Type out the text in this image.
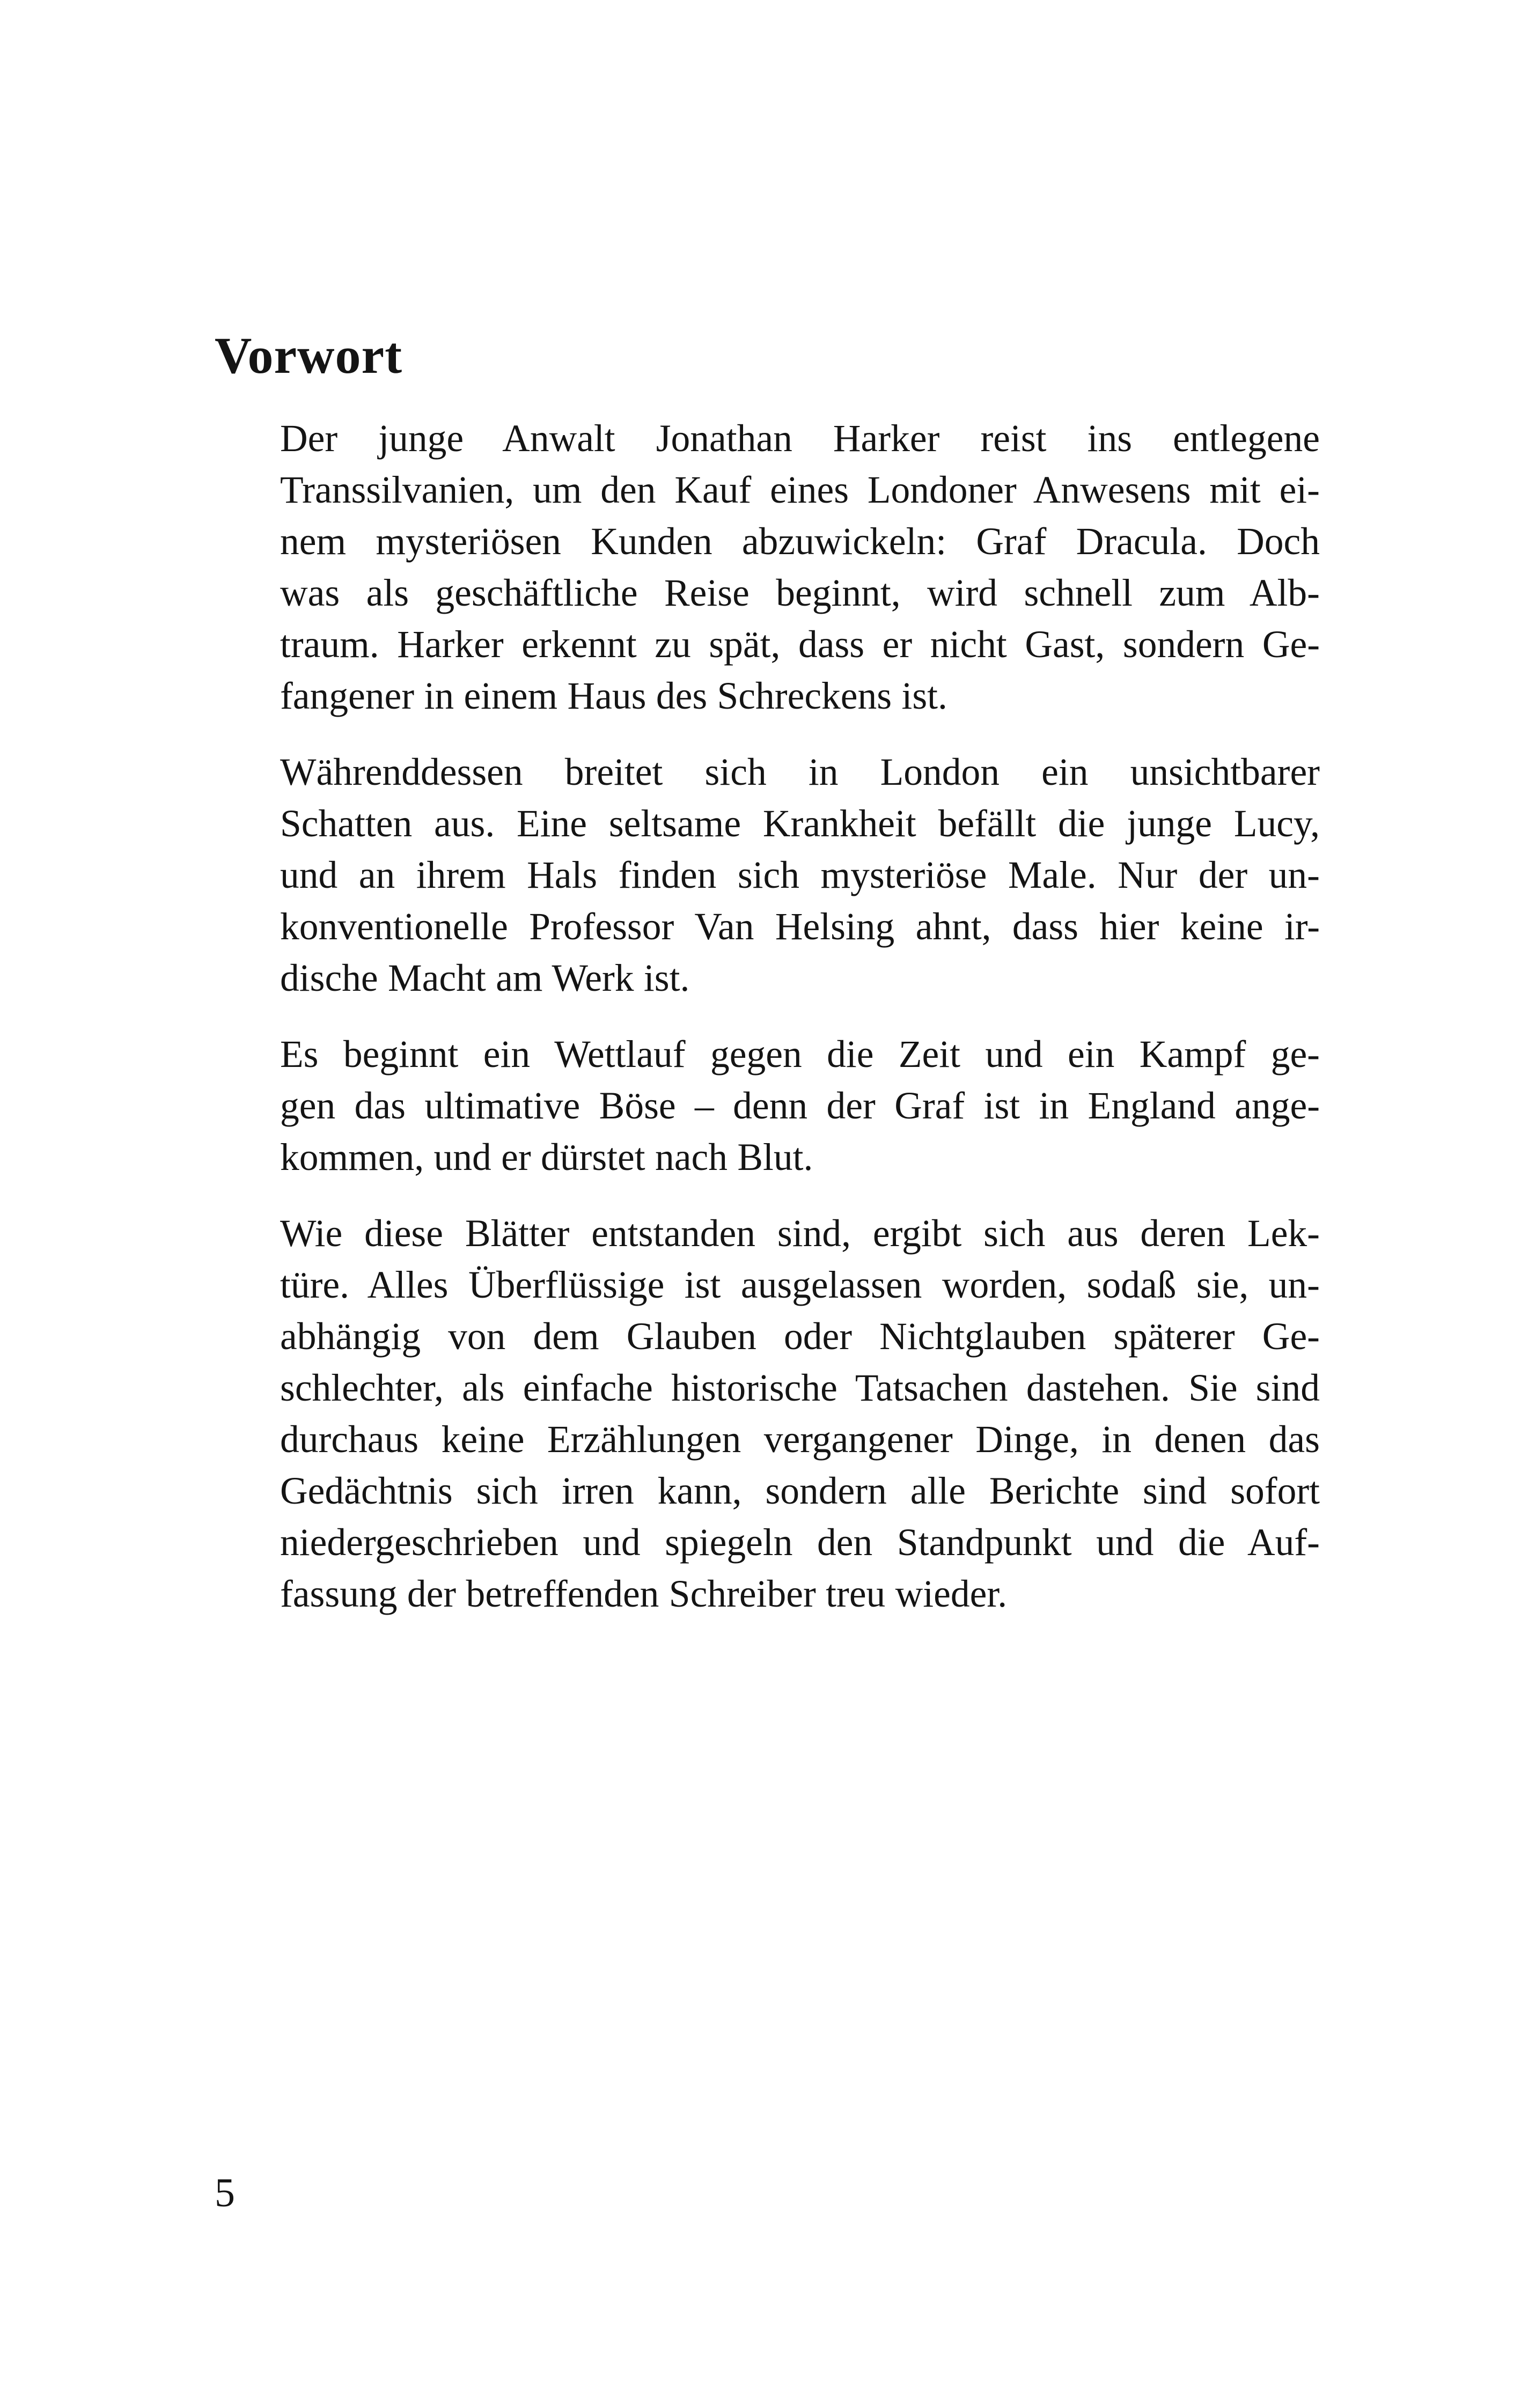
Vorwort

Der junge Anwalt Jonathan Harker reist ins entlegene
Transsilvanien, um den Kauf eines Londoner Anwesens mit ei-
nem mysteriösen Kunden abzuwickeln: Graf Dracula. Doch
was als geschäftliche Reise beginnt, wird schnell zum Alb-
traum. Harker erkennt zu spät, dass er nicht Gast, sondern Ge-
fangener in einem Haus des Schreckens ist.

Währenddessen breitet sich in London ein unsichtbarer
Schatten aus. Eine seltsame Krankheit befällt die junge Lucy,
und an ihrem Hals finden sich mysteriöse Male. Nur der un-
konventionelle Professor Van Helsing ahnt, dass hier keine ir-
dische Macht am Werk ist.

Es beginnt ein Wettlauf gegen die Zeit und ein Kampf ge-
gen das ultimative Böse – denn der Graf ist in England ange-
kommen, und er dürstet nach Blut.

Wie diese Blätter entstanden sind, ergibt sich aus deren Lek-
türe. Alles Überflüssige ist ausgelassen worden, sodaß sie, un-
abhängig von dem Glauben oder Nichtglauben späterer Ge-
schlechter, als einfache historische Tatsachen dastehen. Sie sind
durchaus keine Erzählungen vergangener Dinge, in denen das
Gedächtnis sich irren kann, sondern alle Berichte sind sofort
niedergeschrieben und spiegeln den Standpunkt und die Auf-
fassung der betreffenden Schreiber treu wieder.

5
